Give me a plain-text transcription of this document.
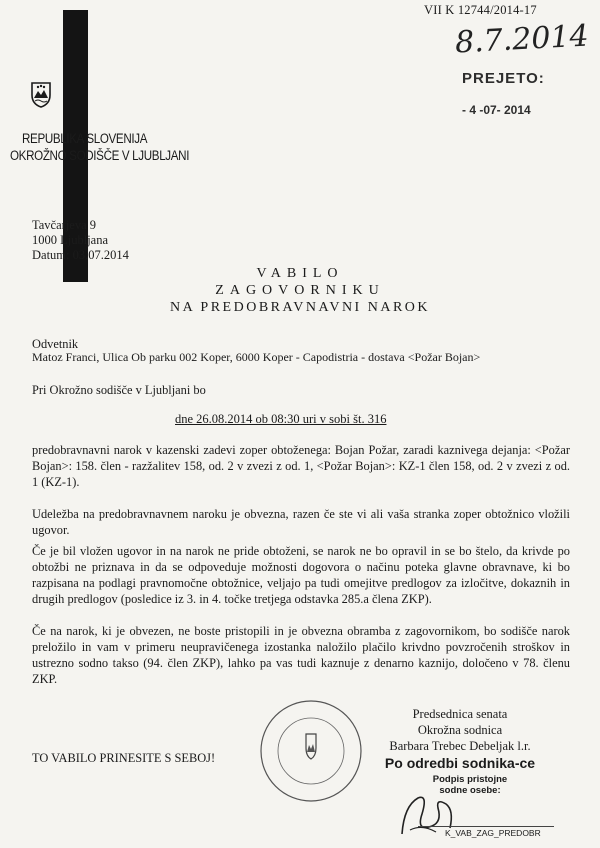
VII K 12744/2014-17
8.7.2014
PREJETO:
- 4 -07- 2014
REPUBLIKA SLOVENIJA
OKROŽNO SODIŠČE V LJUBLJANI
Tavčarjeva 9
1000 Ljubljana
Datum: 03.07.2014
VABILO
ZAGOVORNIKU
NA PREDOBRAVNAVNI NAROK
Odvetnik
Matoz Franci, Ulica Ob parku 002 Koper, 6000 Koper - Capodistria - dostava <Požar Bojan>
Pri Okrožno sodišče v Ljubljani bo
dne 26.08.2014 ob 08:30 uri v sobi št. 316
predobravnavni narok v kazenski zadevi zoper obtoženega: Bojan Požar, zaradi kaznivega dejanja: <Požar Bojan>: 158. člen - razžalitev 158, od. 2 v zvezi z od. 1, <Požar Bojan>: KZ-1 člen 158, od. 2 v zvezi z od. 1 (KZ-1).
Udeležba na predobravnavnem naroku je obvezna, razen če ste vi ali vaša stranka zoper obtožnico vložili ugovor.
Če je bil vložen ugovor in na narok ne pride obtoženi, se narok ne bo opravil in se bo štelo, da krivde po obtožbi ne priznava in da se odpoveduje možnosti dogovora o načinu poteka glavne obravnave, ki bo razpisana na podlagi pravnomočne obtožnice, veljajo pa tudi omejitve predlogov za izločitve, dokaznih in drugih predlogov (posledice iz 3. in 4. točke tretjega odstavka 285.a člena ZKP).
Če na narok, ki je obvezen, ne boste pristopili in je obvezna obramba z zagovornikom, bo sodišče narok preložilo in vam v primeru neupravičenega izostanka naložilo plačilo krivdno povzročenih stroškov in ustrezno sodno takso (94. člen ZKP), lahko pa vas tudi kaznuje z denarno kaznijo, določeno v 78. členu ZKP.
Predsednica senata
Okrožna sodnica
Barbara Trebec Debeljak l.r.
Po odredbi sodnika-ce
Podpis pristojne
sodne osebe:
K_VAB_ZAG_PREDOBR
TO VABILO PRINESITE S SEBOJ!
